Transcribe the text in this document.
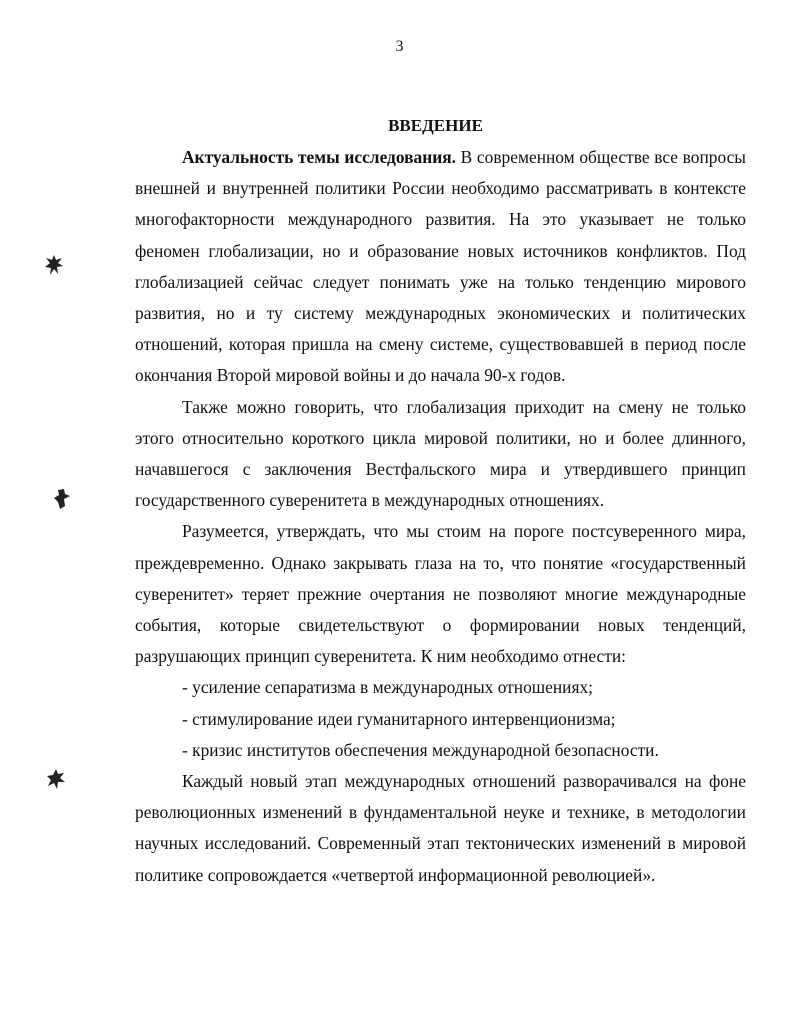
3
ВВЕДЕНИЕ

Актуальность темы исследования. В современном обществе все вопросы внешней и внутренней политики России необходимо рассматривать в контексте многофакторности международного развития. На это указывает не только феномен глобализации, но и образование новых источников конфликтов. Под глобализацией сейчас следует понимать уже на только тенденцию мирового развития, но и ту систему международных экономических и политических отношений, которая пришла на смену системе, существовавшей в период после окончания Второй мировой войны и до начала 90-х годов.

Также можно говорить, что глобализация приходит на смену не только этого относительно короткого цикла мировой политики, но и более длинного, начавшегося с заключения Вестфальского мира и утвердившего принцип государственного суверенитета в международных отношениях.

Разумеется, утверждать, что мы стоим на пороге постсуверенного мира, преждевременно. Однако закрывать глаза на то, что понятие «государственный суверенитет» теряет прежние очертания не позволяют многие международные события, которые свидетельствуют о формировании новых тенденций, разрушающих принцип суверенитета. К ним необходимо отнести:

- усиление сепаратизма в международных отношениях;

- стимулирование идеи гуманитарного интервенционизма;

- кризис институтов обеспечения международной безопасности.

Каждый новый этап международных отношений разворачивался на фоне революционных изменений в фундаментальной неуке и технике, в методологии научных исследований. Современный этап тектонических изменений в мировой политике сопровождается «четвертой информационной революцией».
